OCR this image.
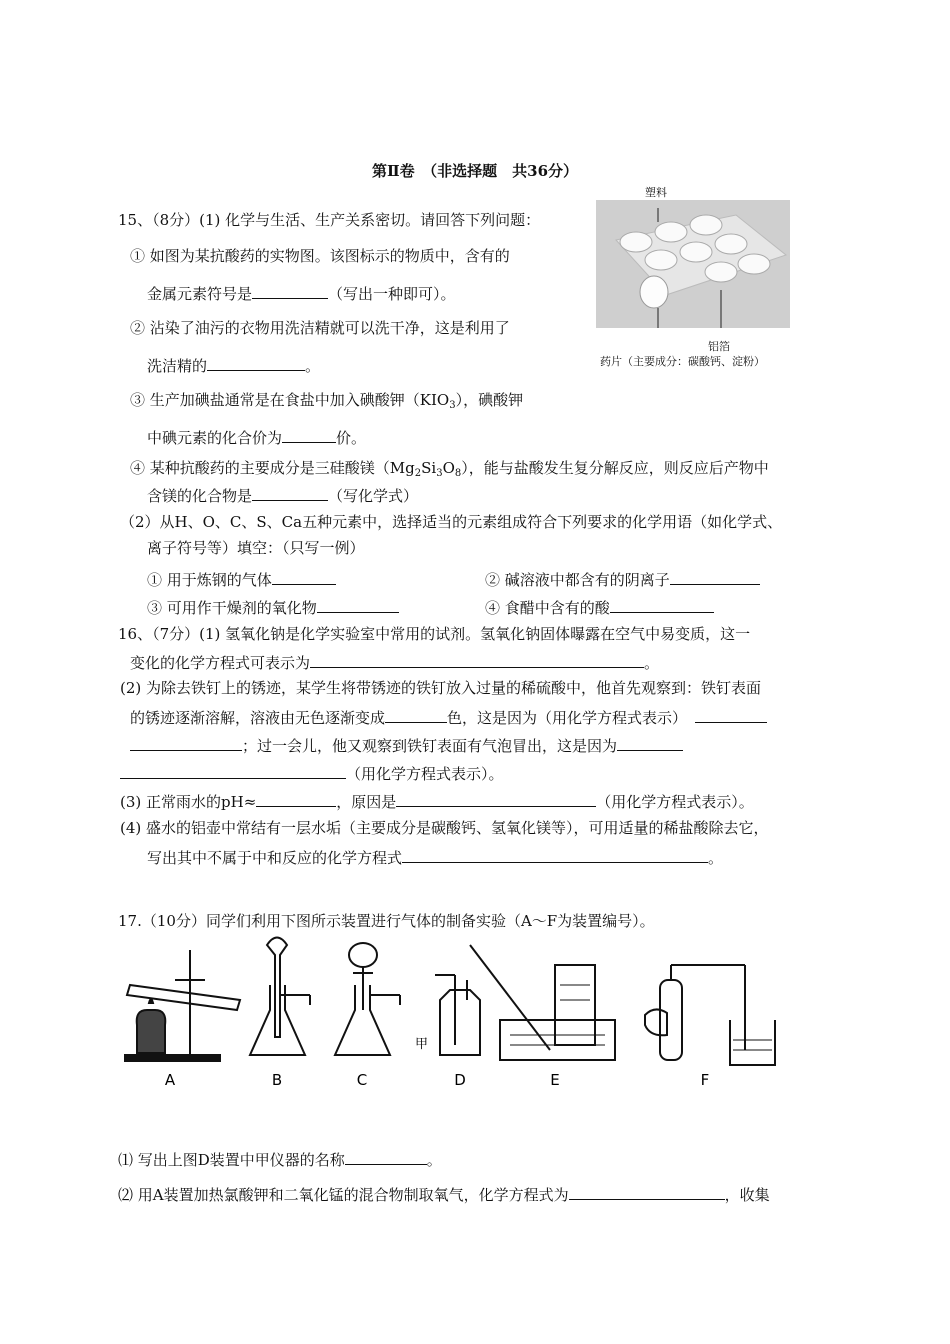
第Ⅱ卷　（非选择题　共36分）
塑料
铝箔
药片（主要成分：碳酸钙、淀粉）
15、（8分）(1) 化学与生活、生产关系密切。请回答下列问题：
① 如图为某抗酸药的实物图。该图标示的物质中，含有的
金属元素符号是	（写出一种即可）。
② 沾染了油污的衣物用洗洁精就可以洗干净，这是利用了
洗洁精的	。
③ 生产加碘盐通常是在食盐中加入碘酸钾$(KIO_3)$，碘酸钾
中碘元素的化合价为	价。
④ 某种抗酸药的主要成分是三硅酸镁$(Mg_2Si_3O_8)$，能与盐酸发生复分解反应，则反应后产物中
含镁的化合物是	（写化学式）
（2）从H、O、C、S、Ca五种元素中，选择适当的元素组成符合下列要求的化学用语（如化学式、
离子符号等）填空：（只写一例）
① 用于炼钢的气体	② 碱溶液中都含有的阴离子
③ 可用作干燥剂的氧化物	④ 食醋中含有的酸
16、（7分）(1) 氢氧化钠是化学实验室中常用的试剂。氢氧化钠固体曝露在空气中易变质，这一
变化的化学方程式可表示为	。
(2) 为除去铁钉上的锈迹，某学生将带锈迹的铁钉放入过量的稀硫酸中，他首先观察到：铁钉表面
的锈迹逐渐溶解，溶液由无色逐渐变成	色，这是因为（用化学方程式表示）
；过一会儿，他又观察到铁钉表面有气泡冒出，这是因为
（用化学方程式表示）。
(3) 正常雨水的pH≈	，原因是	（用化学方程式表示）。
(4) 盛水的铝壶中常结有一层水垢（主要成分是碳酸钙、氢氧化镁等），可用适量的稀盐酸除去它，
写出其中不属于中和反应的化学方程式	。
17.（10分）同学们利用下图所示装置进行气体的制备实验（A～F为装置编号）。
A	B	C	D	E	F
甲
⑴ 写出上图D装置中甲仪器的名称	。
⑵ 用A装置加热氯酸钾和二氧化锰的混合物制取氧气，化学方程式为	，收集
